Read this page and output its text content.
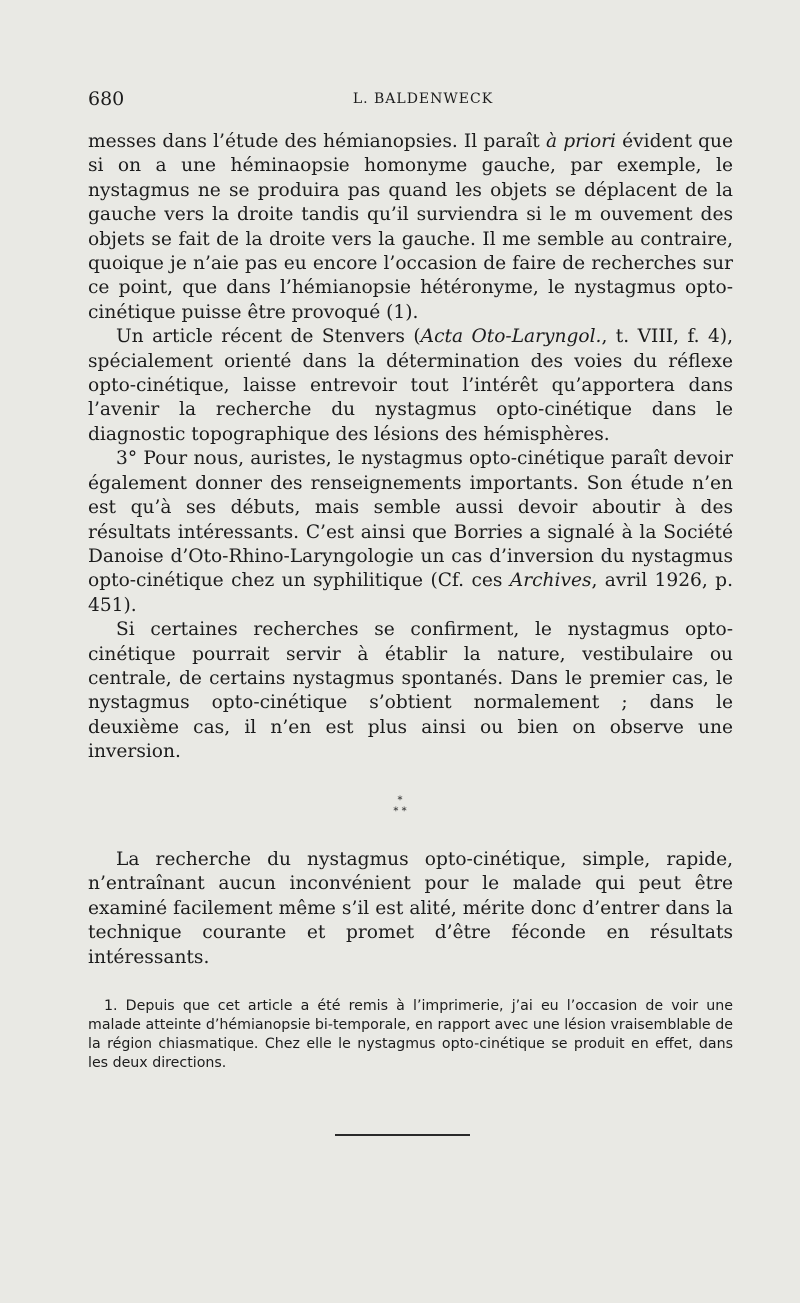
680	L. BALDENWECK

messes dans l’étude des hémianopsies. Il paraît à priori évident que si on a une héminaopsie homonyme gauche, par exemple, le nystagmus ne se produira pas quand les objets se déplacent de la gauche vers la droite tandis qu’il surviendra si le m ouvement des objets se fait de la droite vers la gauche. Il me semble au contraire, quoique je n’aie pas eu encore l’occasion de faire de recherches sur ce point, que dans l’hémianopsie hétéronyme, le nystagmus opto-cinétique puisse être provoqué (1).

Un article récent de Stenvers (Acta Oto-Laryngol., t. VIII, f. 4), spécialement orienté dans la détermination des voies du réflexe opto-cinétique, laisse entrevoir tout l’intérêt qu’apportera dans l’avenir la recherche du nystagmus opto-cinétique dans le diagnostic topographique des lésions des hémisphères.

3° Pour nous, auristes, le nystagmus opto-cinétique paraît devoir également donner des renseignements importants. Son étude n’en est qu’à ses débuts, mais semble aussi devoir aboutir à des résultats intéressants. C’est ainsi que Borries a signalé à la Société Danoise d’Oto-Rhino-Laryngologie un cas d’inversion du nystagmus opto-cinétique chez un syphilitique (Cf. ces Archives, avril 1926, p. 451).

Si certaines recherches se confirment, le nystagmus opto-cinétique pourrait servir à établir la nature, vestibulaire ou centrale, de certains nystagmus spontanés. Dans le premier cas, le nystagmus opto-cinétique s’obtient normalement ; dans le deuxième cas, il n’en est plus ainsi ou bien on observe une inversion.

*
* *

La recherche du nystagmus opto-cinétique, simple, rapide, n’entraînant aucun inconvénient pour le malade qui peut être examiné facilement même s’il est alité, mérite donc d’entrer dans la technique courante et promet d’être féconde en résultats intéressants.

1. Depuis que cet article a été remis à l’imprimerie, j’ai eu l’occasion de voir une malade atteinte d’hémianopsie bi-temporale, en rapport avec une lésion vraisemblable de la région chiasmatique. Chez elle le nystagmus opto-cinétique se produit en effet, dans les deux directions.
